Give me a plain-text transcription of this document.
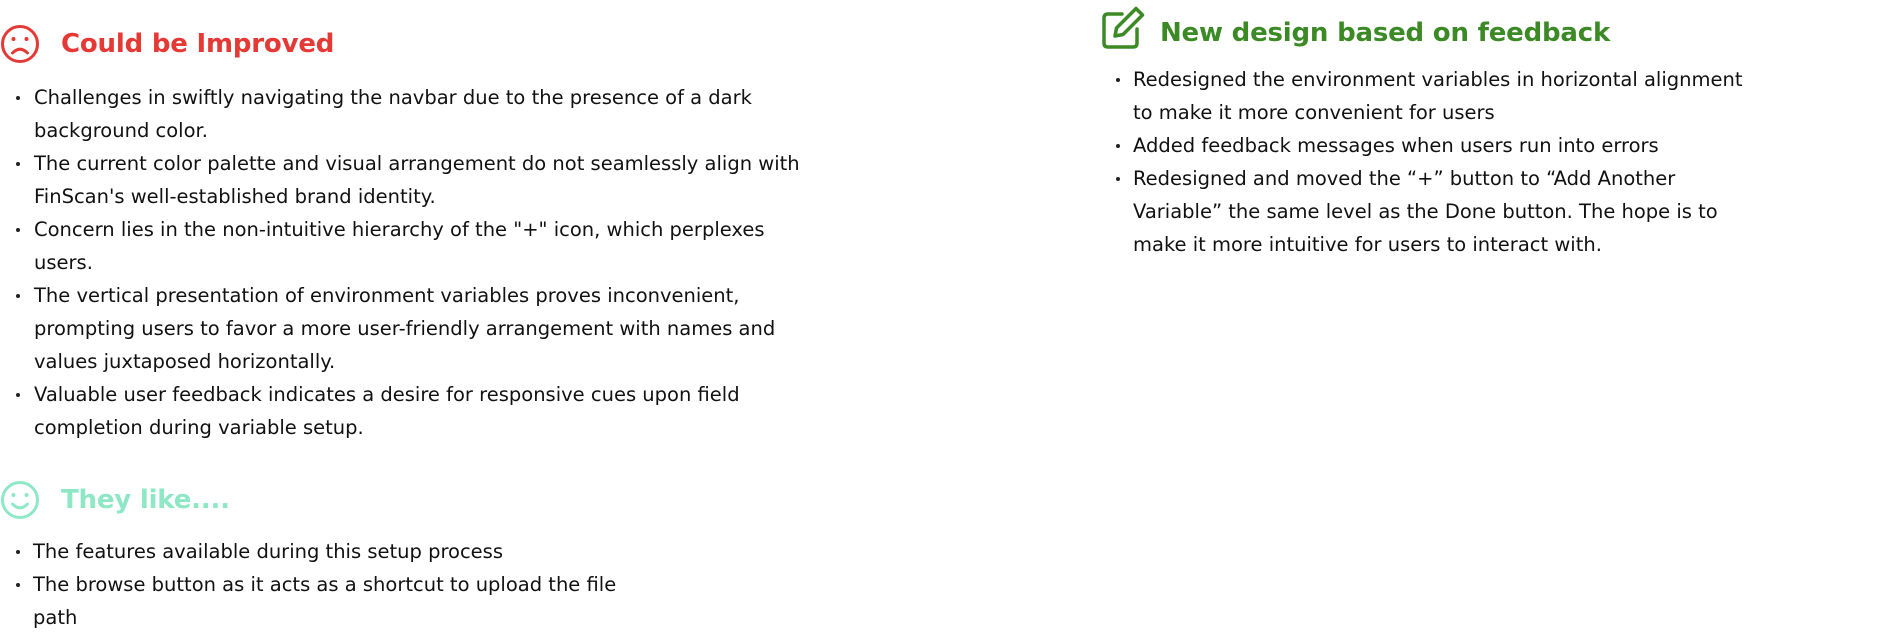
Could be Improved
Challenges in swiftly navigating the navbar due to the presence of a dark background color.
The current color palette and visual arrangement do not seamlessly align with FinScan's well-established brand identity.
Concern lies in the non-intuitive hierarchy of the "+" icon, which perplexes users.
The vertical presentation of environment variables proves inconvenient, prompting users to favor a more user-friendly arrangement with names and values juxtaposed horizontally.
Valuable user feedback indicates a desire for responsive cues upon field completion during variable setup.
They like....
The features available during this setup process
The browse button as it acts as a shortcut to upload the file path
New design based on feedback
Redesigned the environment variables in horizontal alignment to make it more convenient for users
Added feedback messages when users run into errors
Redesigned and moved the “+” button to “Add Another Variable” the same level as the Done button. The hope is to make it more intuitive for users to interact with.
